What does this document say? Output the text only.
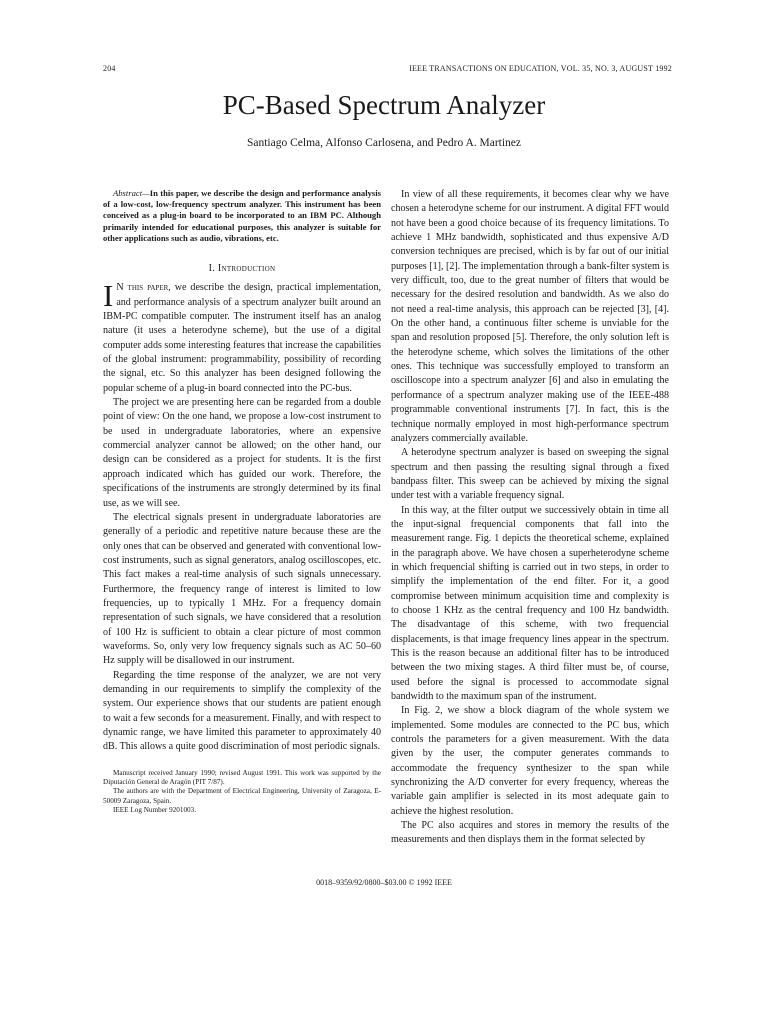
204	IEEE TRANSACTIONS ON EDUCATION, VOL. 35, NO. 3, AUGUST 1992
PC-Based Spectrum Analyzer
Santiago Celma, Alfonso Carlosena, and Pedro A. Martinez

Abstract—In this paper, we describe the design and performance analysis of a low-cost, low-frequency spectrum analyzer. This instrument has been conceived as a plug-in board to be incorporated to an IBM PC. Although primarily intended for educational purposes, this analyzer is suitable for other applications such as audio, vibrations, etc.

I. Introduction

I N this paper, we describe the design, practical implementation, and performance analysis of a spectrum analyzer built around an IBM-PC compatible computer. The instrument itself has an analog nature (it uses a heterodyne scheme), but the use of a digital computer adds some interesting features that increase the capabilities of the global instrument: programmability, possibility of recording the signal, etc. So this analyzer has been designed following the popular scheme of a plug-in board connected into the PC-bus.

The project we are presenting here can be regarded from a double point of view: On the one hand, we propose a low-cost instrument to be used in undergraduate laboratories, where an expensive commercial analyzer cannot be allowed; on the other hand, our design can be considered as a project for students. It is the first approach indicated which has guided our work. Therefore, the specifications of the instruments are strongly determined by its final use, as we will see.

The electrical signals present in undergraduate laboratories are generally of a periodic and repetitive nature because these are the only ones that can be observed and generated with conventional low-cost instruments, such as signal generators, analog oscilloscopes, etc. This fact makes a real-time analysis of such signals unnecessary. Furthermore, the frequency range of interest is limited to low frequencies, up to typically 1 MHz. For a frequency domain representation of such signals, we have considered that a resolution of 100 Hz is sufficient to obtain a clear picture of most common waveforms. So, only very low frequency signals such as AC 50–60 Hz supply will be disallowed in our instrument.

Regarding the time response of the analyzer, we are not very demanding in our requirements to simplify the complexity of the system. Our experience shows that our students are patient enough to wait a few seconds for a measurement. Finally, and with respect to dynamic range, we have limited this parameter to approximately 40 dB. This allows a quite good discrimination of most periodic signals.

Manuscript received January 1990; revised August 1991. This work was supported by the Diputación General de Aragón (PIT 7/87).
The authors are with the Department of Electrical Engineering, University of Zaragoza, E-50009 Zaragoza, Spain.
IEEE Log Number 9201003.

In view of all these requirements, it becomes clear why we have chosen a heterodyne scheme for our instrument. A digital FFT would not have been a good choice because of its frequency limitations. To achieve 1 MHz bandwidth, sophisticated and thus expensive A/D conversion techniques are precised, which is by far out of our initial purposes [1], [2]. The implementation through a bank-filter system is very difficult, too, due to the great number of filters that would be necessary for the desired resolution and bandwidth. As we also do not need a real-time analysis, this approach can be rejected [3], [4]. On the other hand, a continuous filter scheme is unviable for the span and resolution proposed [5]. Therefore, the only solution left is the heterodyne scheme, which solves the limitations of the other ones. This technique was successfully employed to transform an oscilloscope into a spectrum analyzer [6] and also in emulating the performance of a spectrum analyzer making use of the IEEE-488 programmable conventional instruments [7]. In fact, this is the technique normally employed in most high-performance spectrum analyzers commercially available.

A heterodyne spectrum analyzer is based on sweeping the signal spectrum and then passing the resulting signal through a fixed bandpass filter. This sweep can be achieved by mixing the signal under test with a variable frequency signal.

In this way, at the filter output we successively obtain in time all the input-signal frequencial components that fall into the measurement range. Fig. 1 depicts the theoretical scheme, explained in the paragraph above. We have chosen a superheterodyne scheme in which frequencial shifting is carried out in two steps, in order to simplify the implementation of the end filter. For it, a good compromise between minimum acquisition time and complexity is to choose 1 KHz as the central frequency and 100 Hz bandwidth. The disadvantage of this scheme, with two frequencial displacements, is that image frequency lines appear in the spectrum. This is the reason because an additional filter has to be introduced between the two mixing stages. A third filter must be, of course, used before the signal is processed to accommodate signal bandwidth to the maximum span of the instrument.

In Fig. 2, we show a block diagram of the whole system we implemented. Some modules are connected to the PC bus, which controls the parameters for a given measurement. With the data given by the user, the computer generates commands to accommodate the frequency synthesizer to the span while synchronizing the A/D converter for every frequency, whereas the variable gain amplifier is selected in its most adequate gain to achieve the highest resolution.

The PC also acquires and stores in memory the results of the measurements and then displays them in the format selected by

0018–9359/92/0800–$03.00 © 1992 IEEE
